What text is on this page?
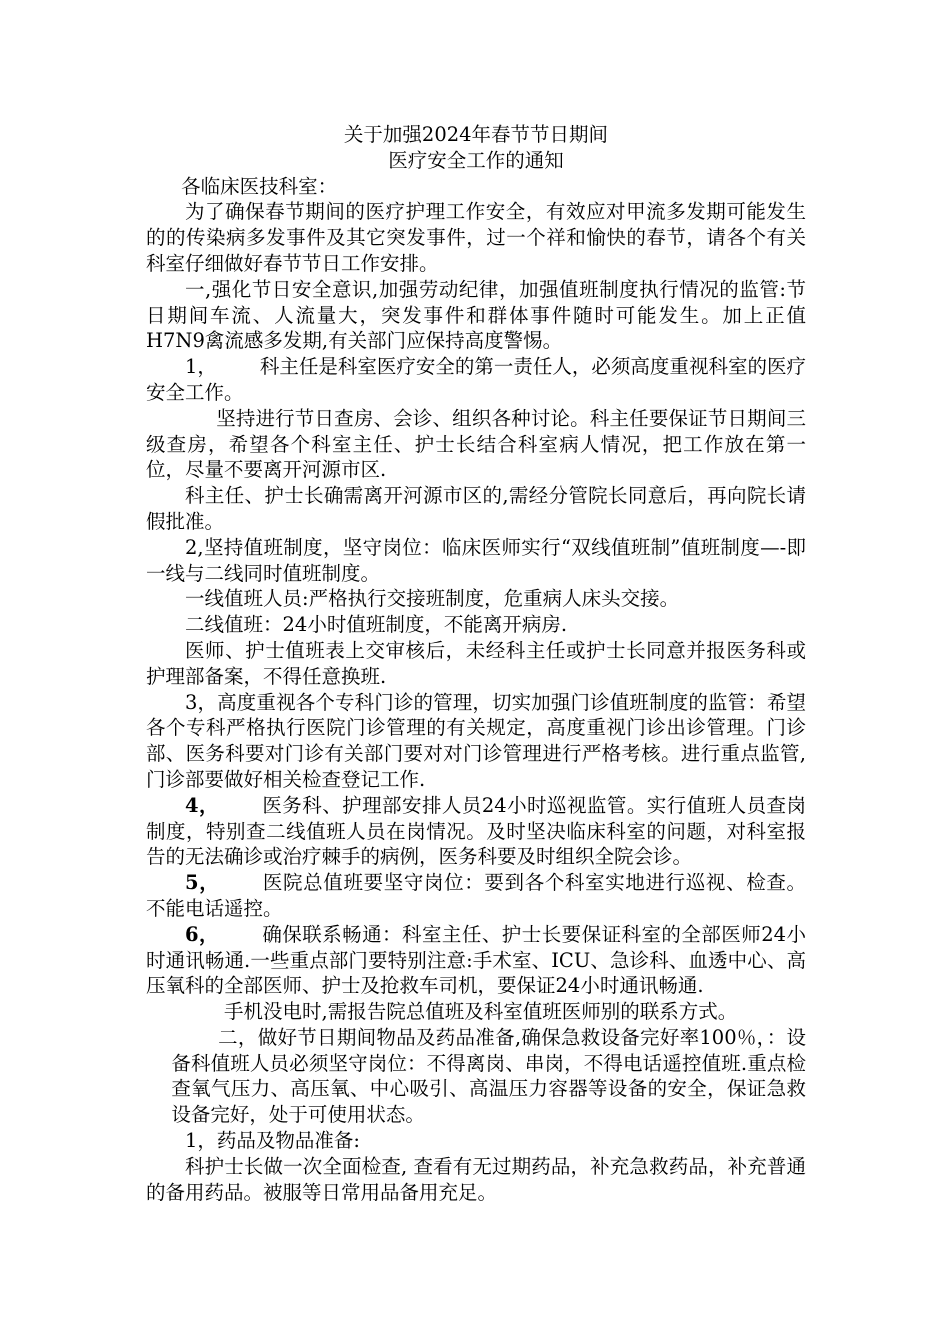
关于加强2024年春节节日期间

医疗安全工作的通知

各临床医技科室：

为了确保春节期间的医疗护理工作安全，有效应对甲流多发期可能发生的的传染病多发事件及其它突发事件，过一个祥和愉快的春节，请各个有关科室仔细做好春节节日工作安排。

一,强化节日安全意识,加强劳动纪律，加强值班制度执行情况的监管:节日期间车流、人流量大，突发事件和群体事件随时可能发生。加上正值H7N9禽流感多发期,有关部门应保持高度警惕。

1， 科主任是科室医疗安全的第一责任人，必须高度重视科室的医疗安全工作。

坚持进行节日查房、会诊、组织各种讨论。科主任要保证节日期间三级查房，希望各个科室主任、护士长结合科室病人情况，把工作放在第一位，尽量不要离开河源市区.

科主任、护士长确需离开河源市区的,需经分管院长同意后，再向院长请假批准。

2,坚持值班制度，坚守岗位：临床医师实行“双线值班制”值班制度—-即一线与二线同时值班制度。

一线值班人员:严格执行交接班制度，危重病人床头交接。

二线值班：24小时值班制度，不能离开病房.

医师、护士值班表上交审核后，未经科主任或护士长同意并报医务科或护理部备案，不得任意换班.

3，高度重视各个专科门诊的管理，切实加强门诊值班制度的监管：希望各个专科严格执行医院门诊管理的有关规定，高度重视门诊出诊管理。门诊部、医务科要对门诊有关部门要对对门诊管理进行严格考核。进行重点监管,门诊部要做好相关检查登记工作.

4， 医务科、护理部安排人员24小时巡视监管。实行值班人员查岗制度，特别查二线值班人员在岗情况。及时坚决临床科室的问题，对科室报告的无法确诊或治疗棘手的病例，医务科要及时组织全院会诊。

5， 医院总值班要坚守岗位：要到各个科室实地进行巡视、检查。不能电话遥控。

6， 确保联系畅通：科室主任、护士长要保证科室的全部医师24小时通讯畅通.一些重点部门要特别注意:手术室、ICU、急诊科、血透中心、高压氧科的全部医师、护士及抢救车司机，要保证24小时通讯畅通.

手机没电时,需报告院总值班及科室值班医师别的联系方式。

二，做好节日期间物品及药品准备,确保急救设备完好率100％，：设备科值班人员必须坚守岗位：不得离岗、串岗，不得电话遥控值班.重点检查氧气压力、高压氧、中心吸引、高温压力容器等设备的安全，保证急救设备完好，处于可使用状态。

1，药品及物品准备:

科护士长做一次全面检查, 查看有无过期药品，补充急救药品，补充普通的备用药品。被服等日常用品备用充足。
